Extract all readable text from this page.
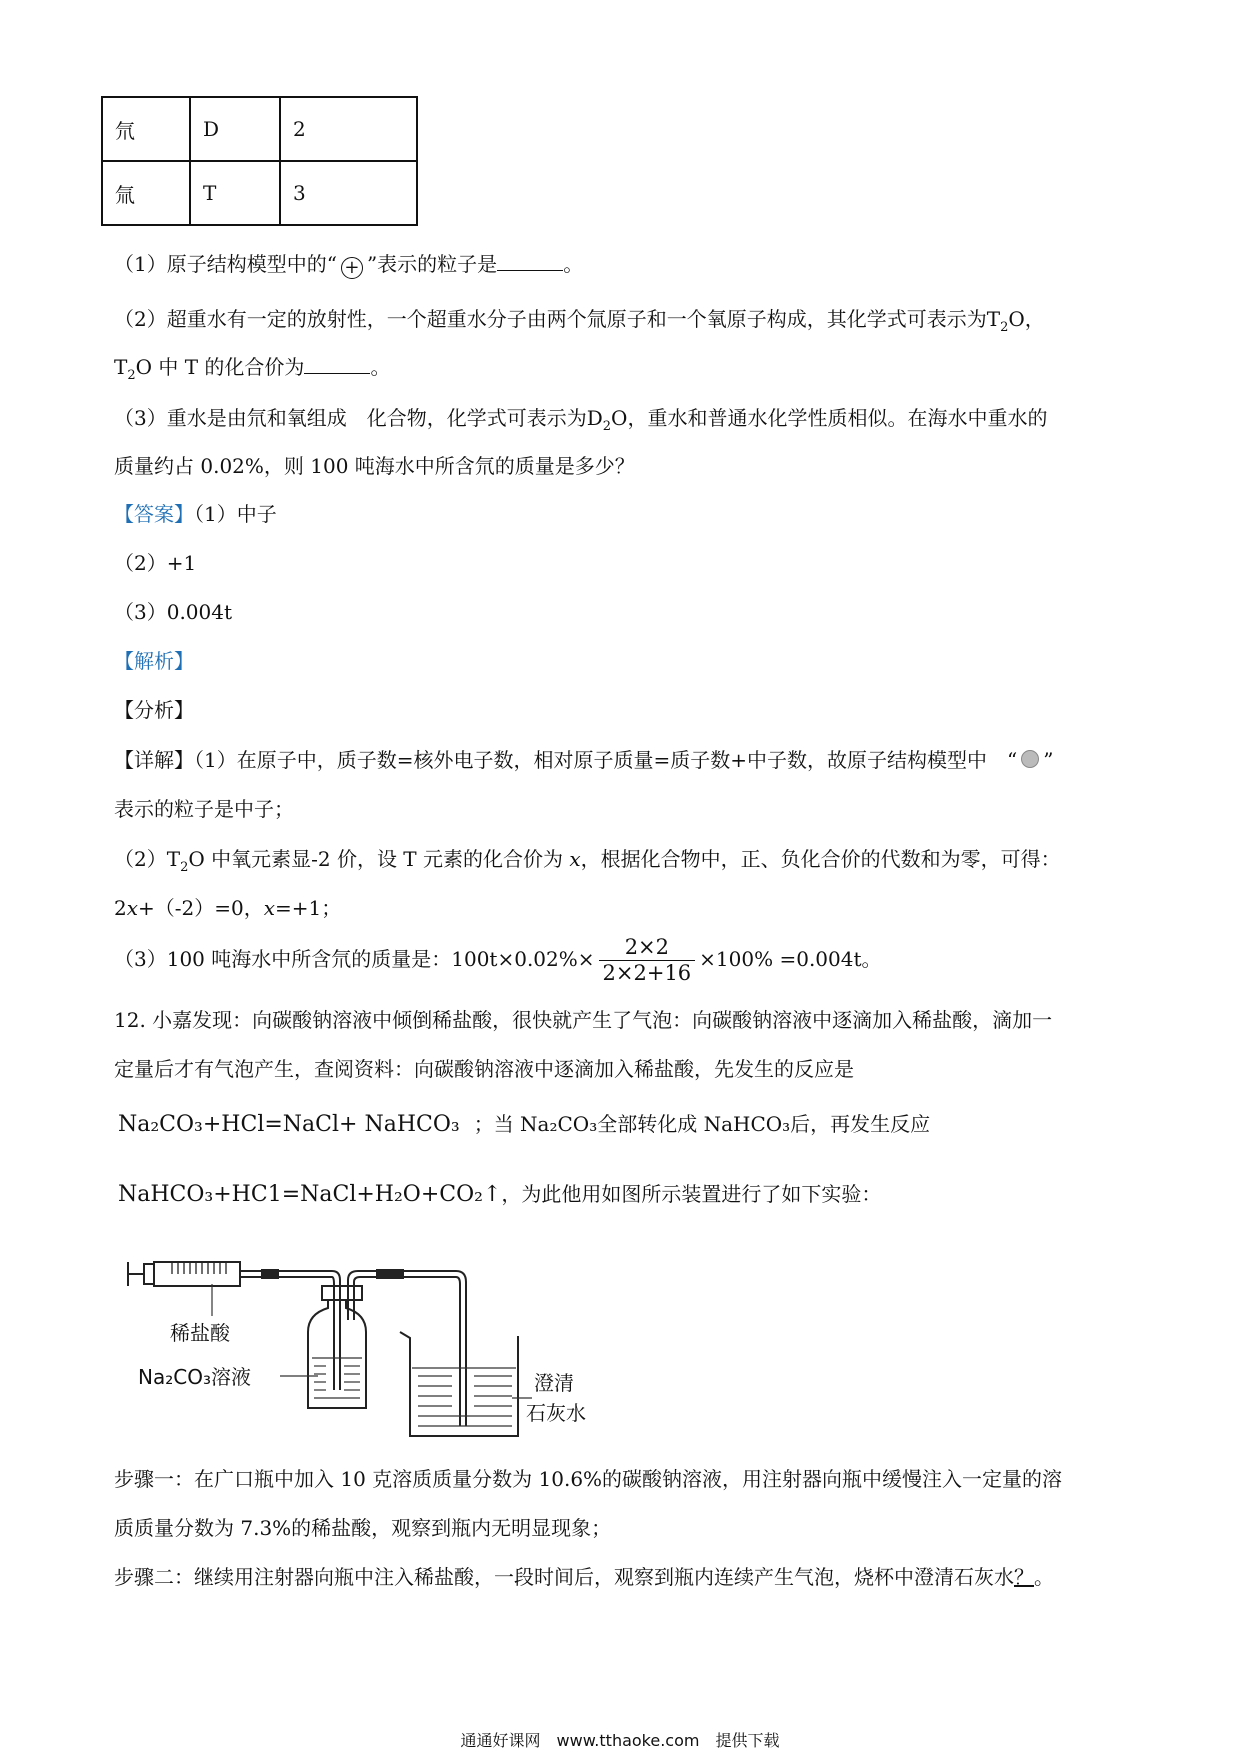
氘	D	2
氚	T	3
（1）原子结构模型中的“ + ”表示的粒子是	。
（2）超重水有一定的放射性，一个超重水分子由两个氚原子和一个氧原子构成，其化学式可表示为$T_2O$，
$T_2O$ 中 T 的化合价为	。
（3）重水是由氘和氧组成　化合物，化学式可表示为$D_2O$，重水和普通水化学性质相似。在海水中重水的
质量约占 0.02%，则 100 吨海水中所含氘的质量是多少？
【答案】（1）中子
（2）+1
（3）0.004t
【解析】
【分析】
【详解】（1）在原子中，质子数=核外电子数，相对原子质量=质子数+中子数，故原子结构模型中　“ ”
表示的粒子是中子；
$(2)T_2O$ 中氧元素显-2 价，设 T 元素的化合价为 x，根据化合物中，正、负化合价的代数和为零，可得：
2x+（-2）=0，x=+1；
（3）100 吨海水中所含氘的质量是：$100t\times 0.02\%\times \frac{2\times 2}{2\times 2+16} \times 100\% =0.004t$。
12. 小嘉发现：向碳酸钠溶液中倾倒稀盐酸，很快就产生了气泡：向碳酸钠溶液中逐滴加入稀盐酸，滴加一
定量后才有气泡产生，查阅资料：向碳酸钠溶液中逐滴加入稀盐酸，先发生的反应是
Na₂CO₃+HCl=NaCl+ NaHCO₃ ；当 Na₂CO₃全部转化成 NaHCO₃后，再发生反应
NaHCO₃+HC1=NaCl+H₂O+CO₂↑，为此他用如图所示装置进行了如下实验：
稀盐酸
Na₂CO₃溶液	澄清
石灰水
步骤一：在广口瓶中加入 10 克溶质质量分数为 10.6%的碳酸钠溶液，用注射器向瓶中缓慢注入一定量的溶
质质量分数为 7.3%的稀盐酸，观察到瓶内无明显现象；
步骤二：继续用注射器向瓶中注入稀盐酸，一段时间后，观察到瓶内连续产生气泡，烧杯中澄清石灰水？。
通通好课网　www.tthaoke.com　提供下载
